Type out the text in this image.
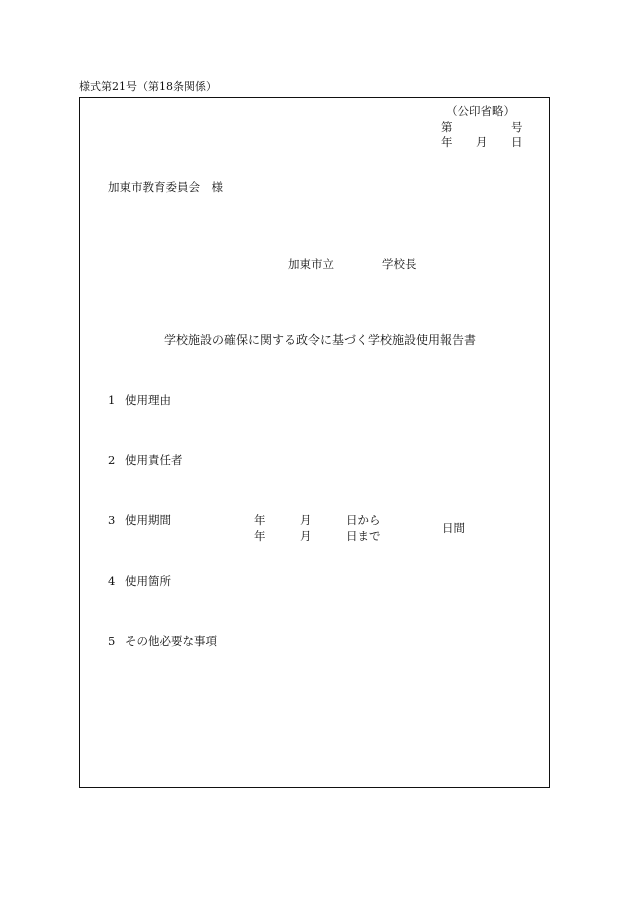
様式第21号（第18条関係）
（公印省略）
第	号
年 月 日
加東市教育委員会　様
加東市立	学校長
学校施設の確保に関する政令に基づく学校施設使用報告書
1 使用理由
2 使用責任者
3 使用期間
4 使用箇所
5 その他必要な事項
年	月	日から
年	月	日まで
日間
